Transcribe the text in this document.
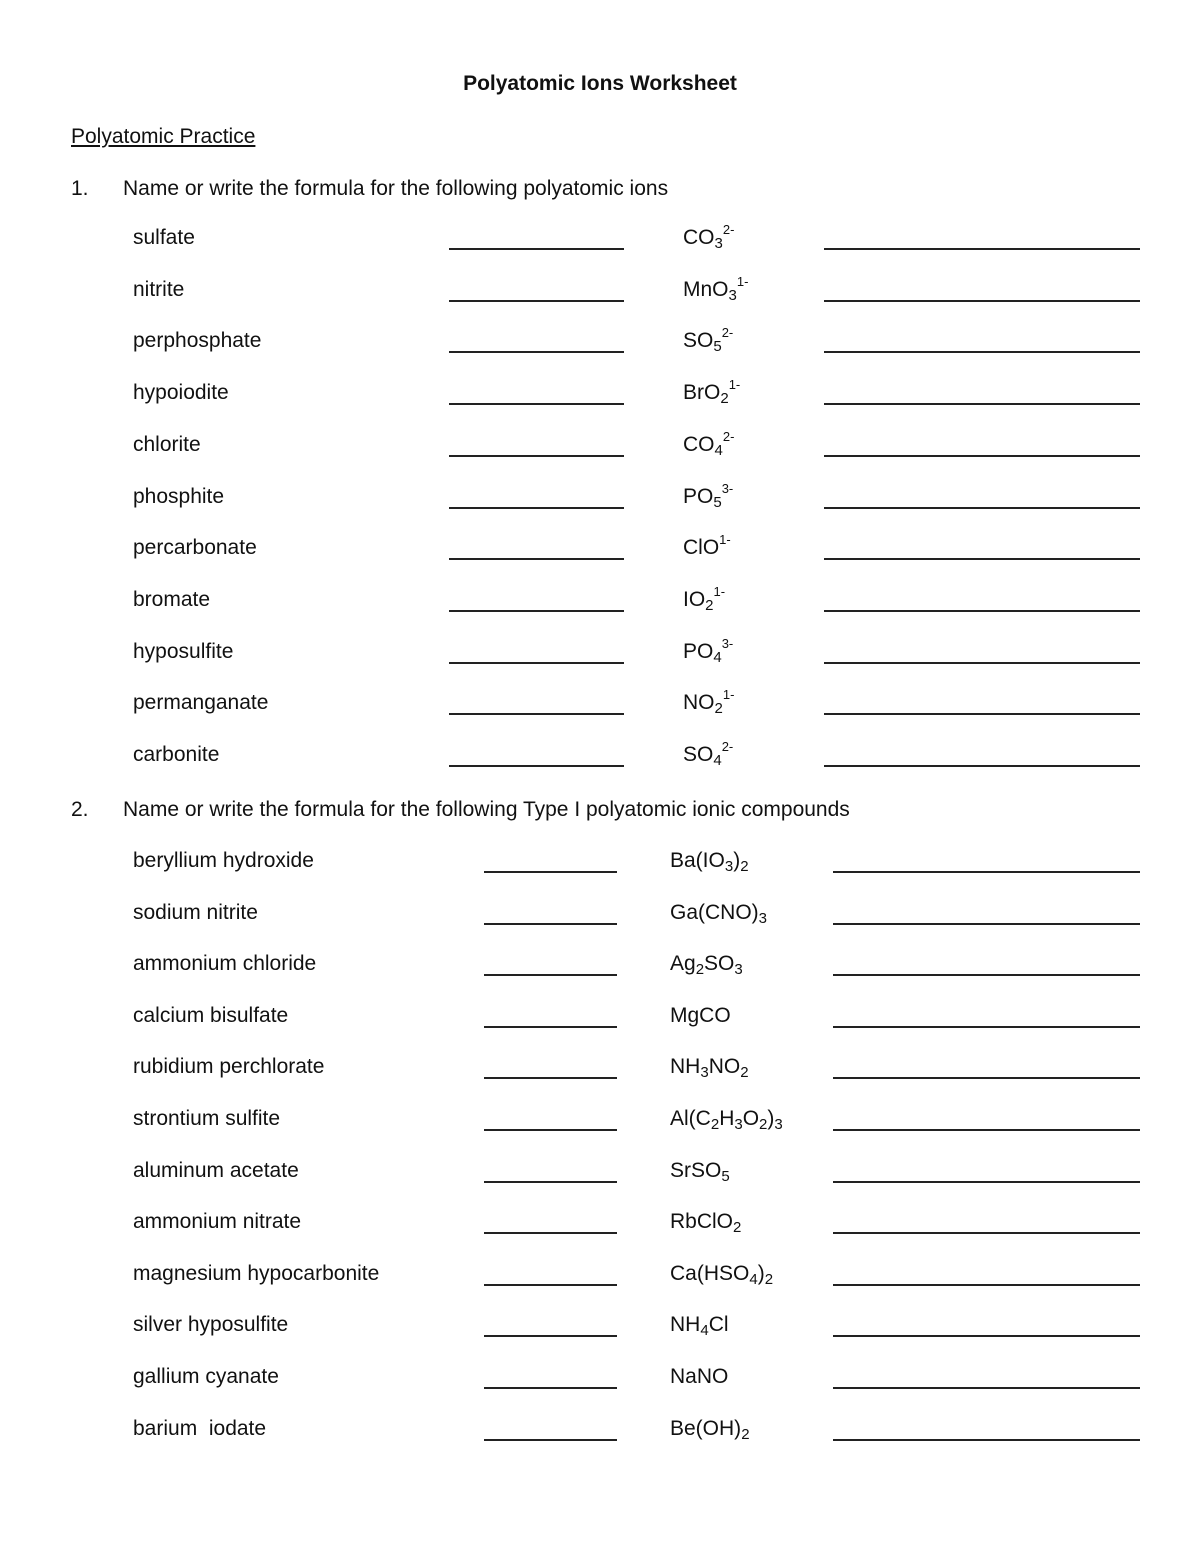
Polyatomic Ions Worksheet
Polyatomic Practice
1. Name or write the formula for the following polyatomic ions
sulfate	$CO_3^{2-}$
nitrite	MnO$_3^{1-}$
perphosphate	$SO_5^{2-}$
hypoiodite	BrO$_2^{1-}$
chlorite	$CO_4^{2-}$
phosphite	$PO_5^{3-}$
percarbonate	ClO$^{1-}$
bromate	$IO_2^{1-}$
hyposulfite	$PO_4^{3-}$
permanganate	$NO_2^{1-}$
carbonite	$SO_4^{2-}$
2. Name or write the formula for the following Type I polyatomic ionic compounds
beryllium hydroxide	$Ba(IO_3)_2$
sodium nitrite	$Ga(CNO)_3$
ammonium chloride	$Ag_2SO_3$
calcium bisulfate	MgCO
rubidium perchlorate	$NH_3NO_2$
strontium sulfite	$Al(C_2H_3O_2)_3$
aluminum acetate	SrSO$_5$
ammonium nitrate	RbClO$_2$
magnesium hypocarbonite	$Ca(HSO_4)_2$
silver hyposulfite	$NH_4Cl$
gallium cyanate	NaNO
barium  iodate	$Be(OH)_2$
